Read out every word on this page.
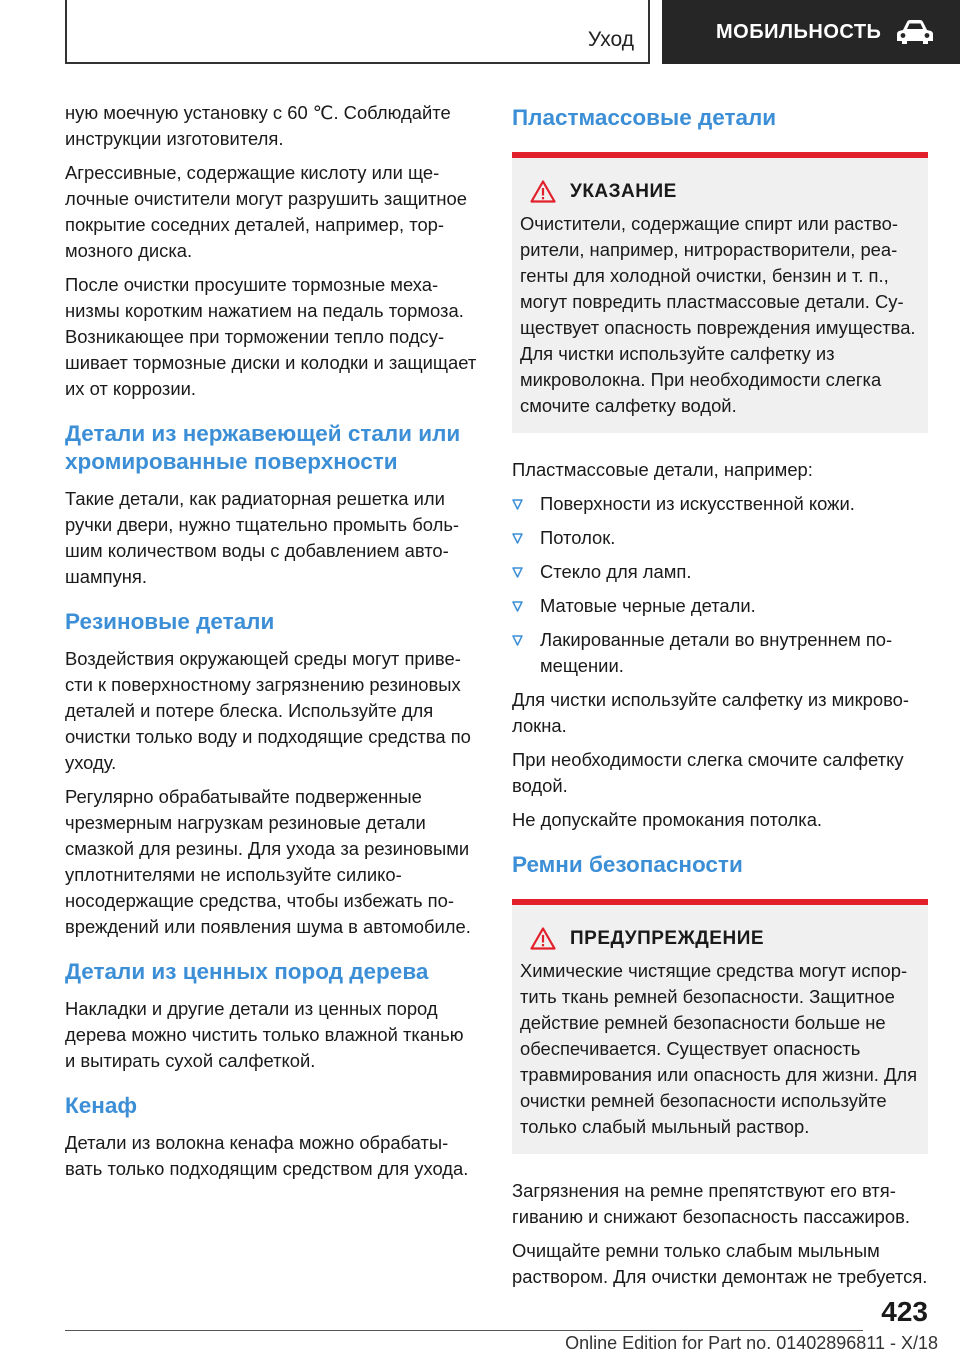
Уход	МОБИЛЬНОСТЬ

ную моечную установку с 60 ℃. Соблюдайте инструкции изготовителя.

Агрессивные, содержащие кислоту или щелочные очистители могут разрушить защитное покрытие соседних деталей, например, тормозного диска.

После очистки просушите тормозные механизмы коротким нажатием на педаль тормоза. Возникающее при торможении тепло подсушивает тормозные диски и колодки и защищает их от коррозии.

Детали из нержавеющей стали или хромированные поверхности

Такие детали, как радиаторная решетка или ручки двери, нужно тщательно промыть большим количеством воды с добавлением автошампуня.

Резиновые детали

Воздействия окружающей среды могут привести к поверхностному загрязнению резиновых деталей и потере блеска. Используйте для очистки только воду и подходящие средства по уходу.

Регулярно обрабатывайте подверженные чрезмерным нагрузкам резиновые детали смазкой для резины. Для ухода за резиновыми уплотнителями не используйте силиконосодержащие средства, чтобы избежать повреждений или появления шума в автомобиле.

Детали из ценных пород дерева

Накладки и другие детали из ценных пород дерева можно чистить только влажной тканью и вытирать сухой салфеткой.

Кенаф

Детали из волокна кенафа можно обрабатывать только подходящим средством для ухода.

Пластмассовые детали
УКАЗАНИЕ

Очистители, содержащие спирт или растворители, например, нитрорастворители, реагенты для холодной очистки, бензин и т. п., могут повредить пластмассовые детали. Существует опасность повреждения имущества. Для чистки используйте салфетку из микроволокна. При необходимости слегка смочите салфетку водой.

Пластмассовые детали, например:

Поверхности из искусственной кожи.
Потолок.
Стекло для ламп.
Матовые черные детали.
Лакированные детали во внутреннем помещении.

Для чистки используйте салфетку из микроволокна.

При необходимости слегка смочите салфетку водой.

Не допускайте промокания потолка.

Ремни безопасности
ПРЕДУПРЕЖДЕНИЕ

Химические чистящие средства могут испортить ткань ремней безопасности. Защитное действие ремней безопасности больше не обеспечивается. Существует опасность травмирования или опасность для жизни. Для очистки ремней безопасности используйте только слабый мыльный раствор.

Загрязнения на ремне препятствуют его втягиванию и снижают безопасность пассажиров.

Очищайте ремни только слабым мыльным раствором. Для очистки демонтаж не требуется.

423
Online Edition for Part no. 01402896811 - X/18
